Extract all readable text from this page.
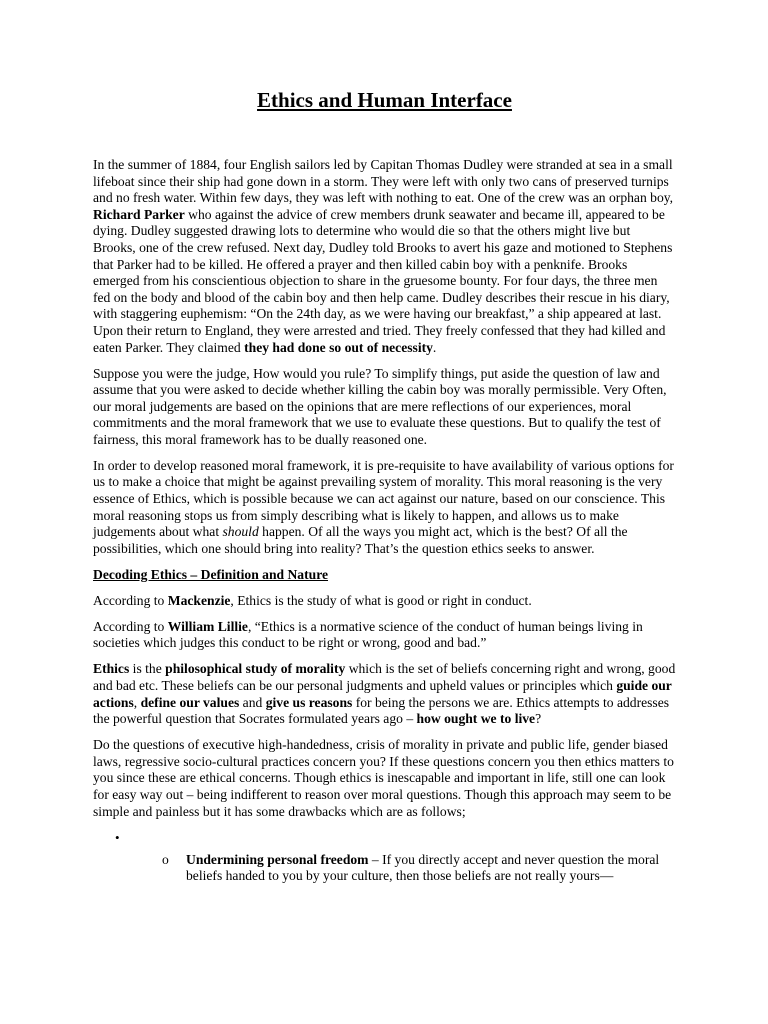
Ethics and Human Interface

In the summer of 1884, four English sailors led by Capitan Thomas Dudley were stranded at sea in a small lifeboat since their ship had gone down in a storm. They were left with only two cans of preserved turnips and no fresh water. Within few days, they was left with nothing to eat. One of the crew was an orphan boy, Richard Parker who against the advice of crew members drunk seawater and became ill, appeared to be dying. Dudley suggested drawing lots to determine who would die so that the others might live but Brooks, one of the crew refused. Next day, Dudley told Brooks to avert his gaze and motioned to Stephens that Parker had to be killed. He offered a prayer and then killed cabin boy with a penknife. Brooks emerged from his conscientious objection to share in the gruesome bounty. For four days, the three men fed on the body and blood of the cabin boy and then help came. Dudley describes their rescue in his diary, with staggering euphemism: “On the 24th day, as we were having our breakfast,” a ship appeared at last. Upon their return to England, they were arrested and tried. They freely confessed that they had killed and eaten Parker. They claimed they had done so out of necessity.

Suppose you were the judge, How would you rule? To simplify things, put aside the question of law and assume that you were asked to decide whether killing the cabin boy was morally permissible. Very Often, our moral judgements are based on the opinions that are mere reflections of our experiences, moral commitments and the moral framework that we use to evaluate these questions. But to qualify the test of fairness, this moral framework has to be dually reasoned one.

In order to develop reasoned moral framework, it is pre-requisite to have availability of various options for us to make a choice that might be against prevailing system of morality. This moral reasoning is the very essence of Ethics, which is possible because we can act against our nature, based on our conscience. This moral reasoning stops us from simply describing what is likely to happen, and allows us to make judgements about what should happen. Of all the ways you might act, which is the best? Of all the possibilities, which one should bring into reality? That’s the question ethics seeks to answer.

Decoding Ethics – Definition and Nature

According to Mackenzie, Ethics is the study of what is good or right in conduct.

According to William Lillie, “Ethics is a normative science of the conduct of human beings living in societies which judges this conduct to be right or wrong, good and bad.”

Ethics is the philosophical study of morality which is the set of beliefs concerning right and wrong, good and bad etc. These beliefs can be our personal judgments and upheld values or principles which guide our actions, define our values and give us reasons for being the persons we are. Ethics attempts to addresses the powerful question that Socrates formulated years ago – how ought we to live?

Do the questions of executive high-handedness, crisis of morality in private and public life, gender biased laws, regressive socio-cultural practices concern you? If these questions concern you then ethics matters to you since these are ethical concerns. Though ethics is inescapable and important in life, still one can look for easy way out – being indifferent to reason over moral questions. Though this approach may seem to be simple and painless but it has some drawbacks which are as follows;

•
o Undermining personal freedom – If you directly accept and never question the moral beliefs handed to you by your culture, then those beliefs are not really yours—
